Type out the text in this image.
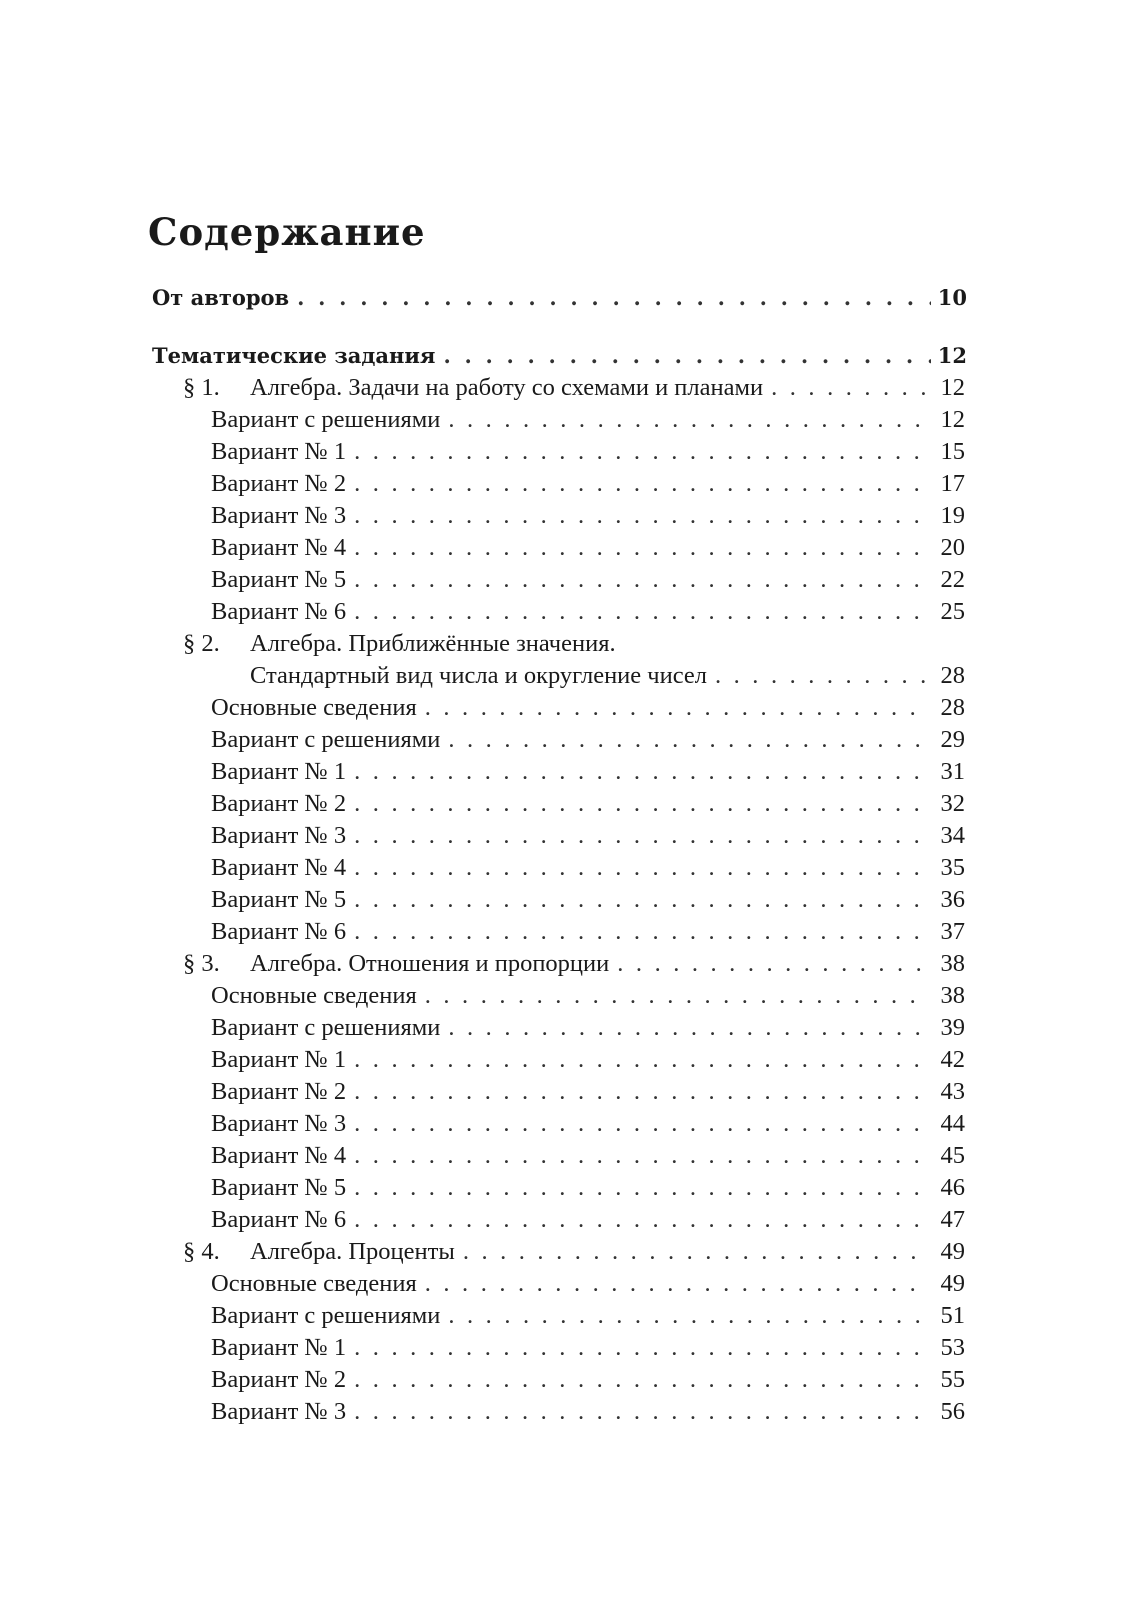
Содержание
От авторов . . .	10
Тематические задания . . .	12
§ 1.	Алгебра. Задачи на работу со схемами и планами . . .	12
Вариант с решениями . . .	12
Вариант № 1 . . .	15
Вариант № 2 . . .	17
Вариант № 3 . . .	19
Вариант № 4 . . .	20
Вариант № 5 . . .	22
Вариант № 6 . . .	25
§ 2.	Алгебра. Приближённые значения.
Стандартный вид числа и округление чисел . . .	28
Основные сведения . . .	28
Вариант с решениями . . .	29
Вариант № 1 . . .	31
Вариант № 2 . . .	32
Вариант № 3 . . .	34
Вариант № 4 . . .	35
Вариант № 5 . . .	36
Вариант № 6 . . .	37
§ 3.	Алгебра. Отношения и пропорции . . .	38
Основные сведения . . .	38
Вариант с решениями . . .	39
Вариант № 1 . . .	42
Вариант № 2 . . .	43
Вариант № 3 . . .	44
Вариант № 4 . . .	45
Вариант № 5 . . .	46
Вариант № 6 . . .	47
§ 4.	Алгебра. Проценты . . .	49
Основные сведения . . .	49
Вариант с решениями . . .	51
Вариант № 1 . . .	53
Вариант № 2 . . .	55
Вариант № 3 . . .	56
